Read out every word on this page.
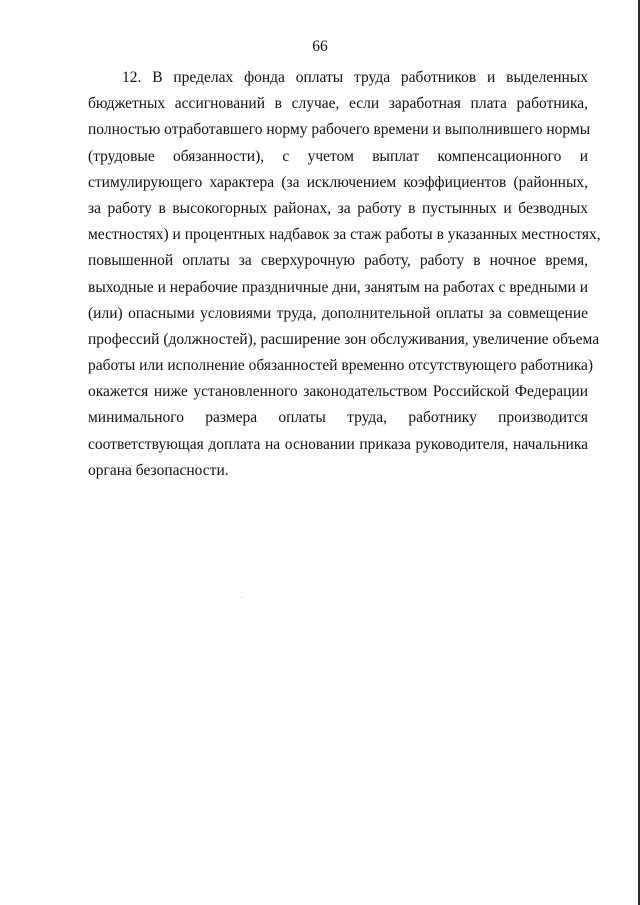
66
12. В пределах фонда оплаты труда работников и выделенных
бюджетных ассигнований в случае, если заработная плата работника,
полностью отработавшего норму рабочего времени и выполнившего нормы
(трудовые обязанности), с учетом выплат компенсационного и
стимулирующего характера (за исключением коэффициентов (районных,
за работу в высокогорных районах, за работу в пустынных и безводных
местностях) и процентных надбавок за стаж работы в указанных местностях,
повышенной оплаты за сверхурочную работу, работу в ночное время,
выходные и нерабочие праздничные дни, занятым на работах с вредными и
(или) опасными условиями труда, дополнительной оплаты за совмещение
профессий (должностей), расширение зон обслуживания, увеличение объема
работы или исполнение обязанностей временно отсутствующего работника)
окажется ниже установленного законодательством Российской Федерации
минимального размера оплаты труда, работнику производится
соответствующая доплата на основании приказа руководителя, начальника
органа безопасности.
